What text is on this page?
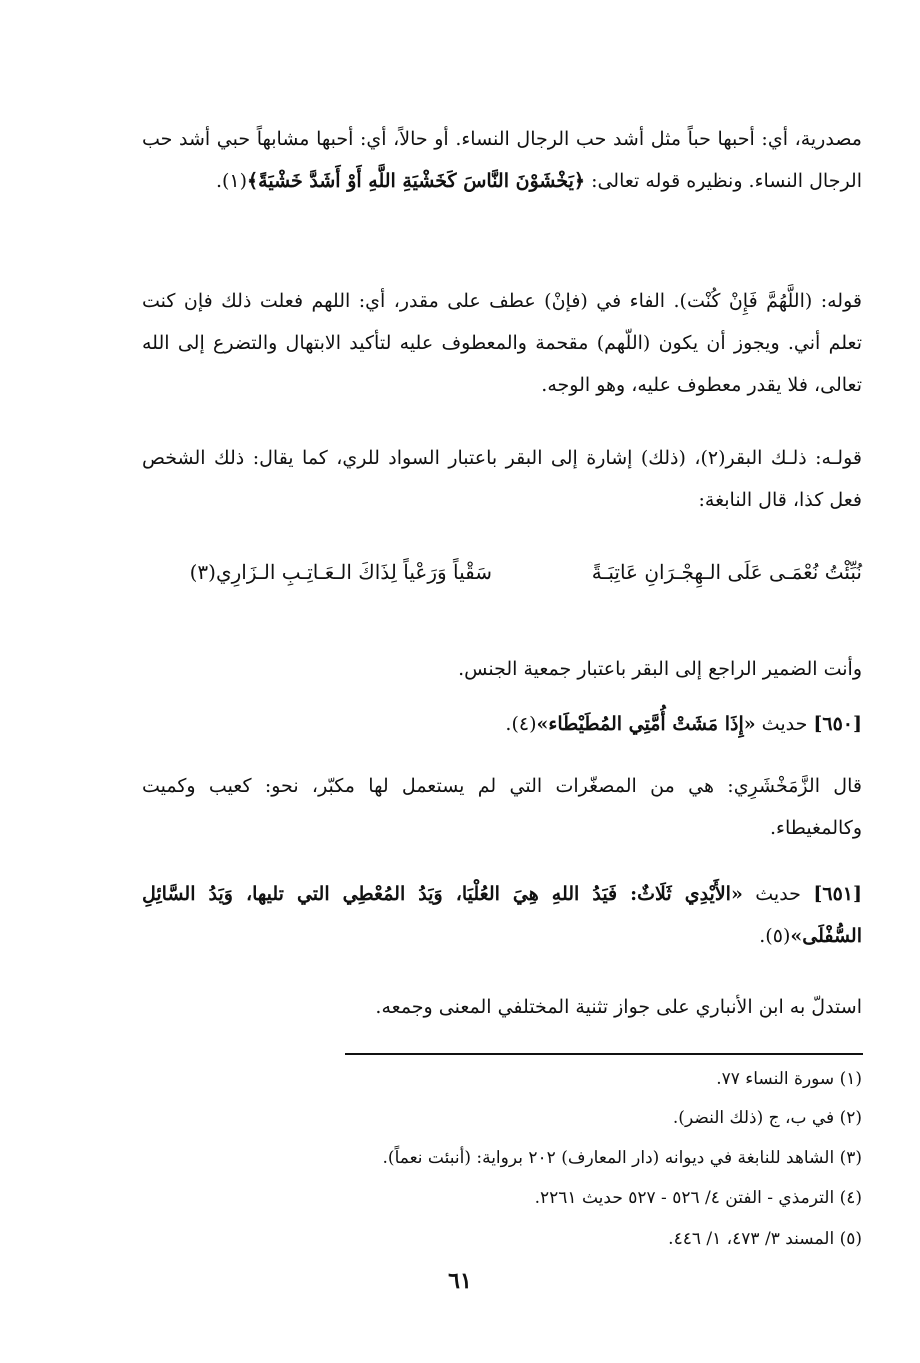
مصدرية، أي: أحبها حباً مثل أشد حب الرجال النساء. أو حالاً، أي: أحبها مشابهاً حبي أشد حب الرجال النساء. ونظيره قوله تعالى: ﴿يَخْشَوْنَ النَّاسَ كَخَشْيَةِ اللَّهِ أَوْ أَشَدَّ خَشْيَةً﴾(١).

قوله: (اللَّهُمَّ فَإِنْ كُنْت). الفاء في (فإنْ) عطف على مقدر، أي: اللهم فعلت ذلك فإن كنت تعلم أني. ويجوز أن يكون (اللّهم) مقحمة والمعطوف عليه لتأكيد الابتهال والتضرع إلى الله تعالى، فلا يقدر معطوف عليه، وهو الوجه.

قولـه: ذلـك البقر(٢)، (ذلك) إشارة إلى البقر باعتبار السواد للري، كما يقال: ذلك الشخص فعل كذا، قال النابغة:

نُبِّئْتُ نُعْمَـى عَلَى الـهِجْـرَانِ عَاتِبَـةً
سَقْياً وَرَعْياً لِذَاكَ الـعَـاتِـبِ الـزَارِي(٣)

وأنت الضمير الراجع إلى البقر باعتبار جمعية الجنس.

[٦٥٠] حديث «إِذَا مَشَتْ أُمَّتِي المُطَيْطَاء»(٤).

قال الزَّمَخْشَرِي: هي من المصغّرات التي لم يستعمل لها مكبّر، نحو: كعيب وكميت وكالمغيطاء.

[٦٥١] حديث «الأَيْدِي ثَلَاثٌ: فَيَدُ اللهِ هِيَ العُلْيَا، وَيَدُ المُعْطِي التي تليها، وَيَدُ السَّائِلِ السُّفْلَى»(٥).

استدلّ به ابن الأنباري على جواز تثنية المختلفي المعنى وجمعه.

(١) سورة النساء ٧٧.

(٢) في ب، ج (ذلك النضر).

(٣) الشاهد للنابغة في ديوانه (دار المعارف) ٢٠٢ برواية: (أنبئت نعماً).

(٤) الترمذي - الفتن ٤/ ٥٢٦ - ٥٢٧ حديث ٢٢٦١.

(٥) المسند ٣/ ٤٧٣، ١/ ٤٤٦.

٦١
